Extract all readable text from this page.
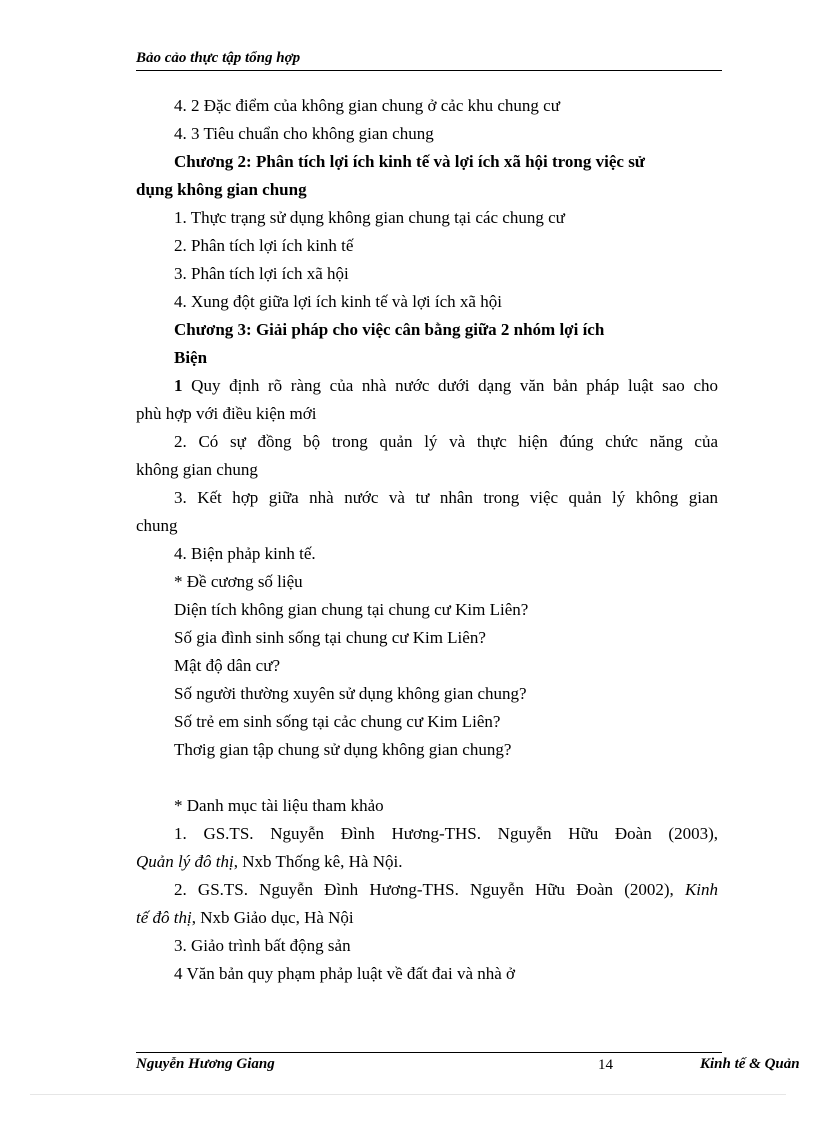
Bảo cảo thực tập tổng hợp
4. 2 Đặc điểm của không gian chung ở cảc khu chung cư
4. 3 Tiêu chuẩn cho không gian chung
Chương 2: Phân tích lợi ích kinh tế và lợi ích xã hội trong việc sử
dụng không gian chung
1. Thực trạng sử dụng không gian chung tại các chung cư
2. Phân tích lợi ích kinh tế
3. Phân tích lợi ích xã hội
4. Xung đột giữa lợi ích kinh tế và lợi ích xã hội
Chương 3: Giải pháp cho việc cân bằng giữa 2 nhóm lợi ích
Biện
1 Quy định rõ ràng của nhà nước dưới dạng văn bản pháp luật sao cho
phù hợp với điều kiện mới
2. Có sự đồng bộ trong quản lý và thực hiện đúng chức năng của
không gian chung
3. Kết hợp giữa nhà nước và tư nhân trong việc quản lý không gian
chung
4. Biện phảp kinh tế.
* Đề cương số liệu
Diện tích không gian chung tại chung cư Kim Liên?
Số gia đình sinh sống tại chung cư Kim Liên?
Mật độ dân cư?
Số người thường xuyên sử dụng không gian chung?
Số trẻ em sinh sống tại cảc chung cư Kim Liên?
Thơig gian tập chung sử dụng không gian chung?
* Danh mục tài liệu tham khảo
1. GS.TS. Nguyễn Đình Hương-THS. Nguyễn Hữu Đoàn (2003),
Quản lý đô thị, Nxb Thống kê, Hà Nội.
2. GS.TS. Nguyễn Đình Hương-THS. Nguyễn Hữu Đoàn (2002), Kinh
tế đô thị, Nxb Giảo dục, Hà Nội
3. Giảo trình bất động sản
4 Văn bản quy phạm phảp luật về đất đai và nhà ở
Nguyễn Hương Giang	14	Kinh tế & Quản
